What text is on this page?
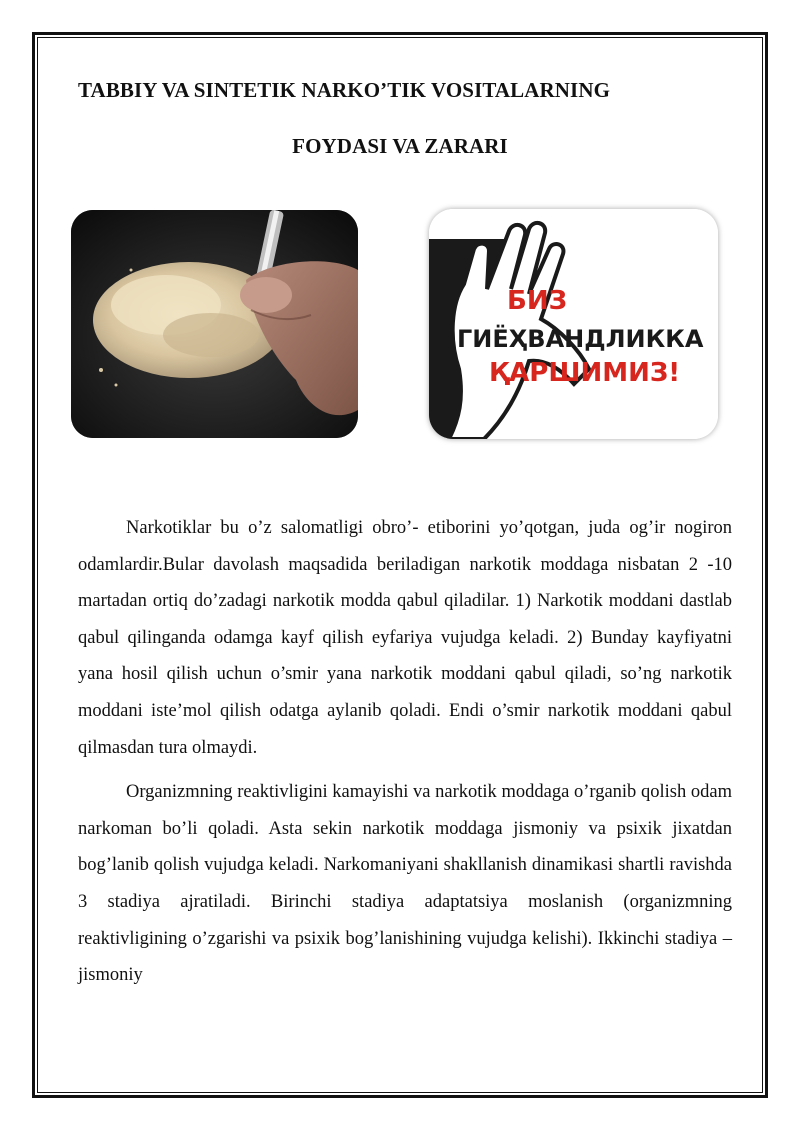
TABBIY VA SINTETIK NARKO’TIK VOSITALARNING
FOYDASI VA ZARARI
БИЗ
ГИЁҲВАНДЛИККА
ҚАРШИМИЗ!

Narkotiklar bu o’z salomatligi obro’- etiborini yo’qotgan, juda og’ir nogiron odamlardir.Bular davolash maqsadida beriladigan narkotik moddaga nisbatan 2 -10 martadan ortiq do’zadagi narkotik modda qabul qiladilar. 1) Narkotik moddani dastlab qabul qilinganda odamga kayf qilish eyfariya vujudga keladi. 2) Bunday kayfiyatni yana hosil qilish uchun o’smir yana narkotik moddani qabul qiladi, so’ng narkotik moddani iste’mol qilish odatga aylanib qoladi. Endi o’smir narkotik moddani qabul qilmasdan tura olmaydi.

Organizmning reaktivligini kamayishi va narkotik moddaga o’rganib qolish odam narkoman bo’li qoladi. Asta sekin narkotik moddaga jismoniy va psixik jixatdan bog’lanib qolish vujudga keladi. Narkomaniyani shakllanish dinamikasi shartli ravishda 3 stadiya ajratiladi. Birinchi stadiya adaptatsiya moslanish (organizmning reaktivligining o’zgarishi va psixik bog’lanishining vujudga kelishi). Ikkinchi stadiya – jismoniy
